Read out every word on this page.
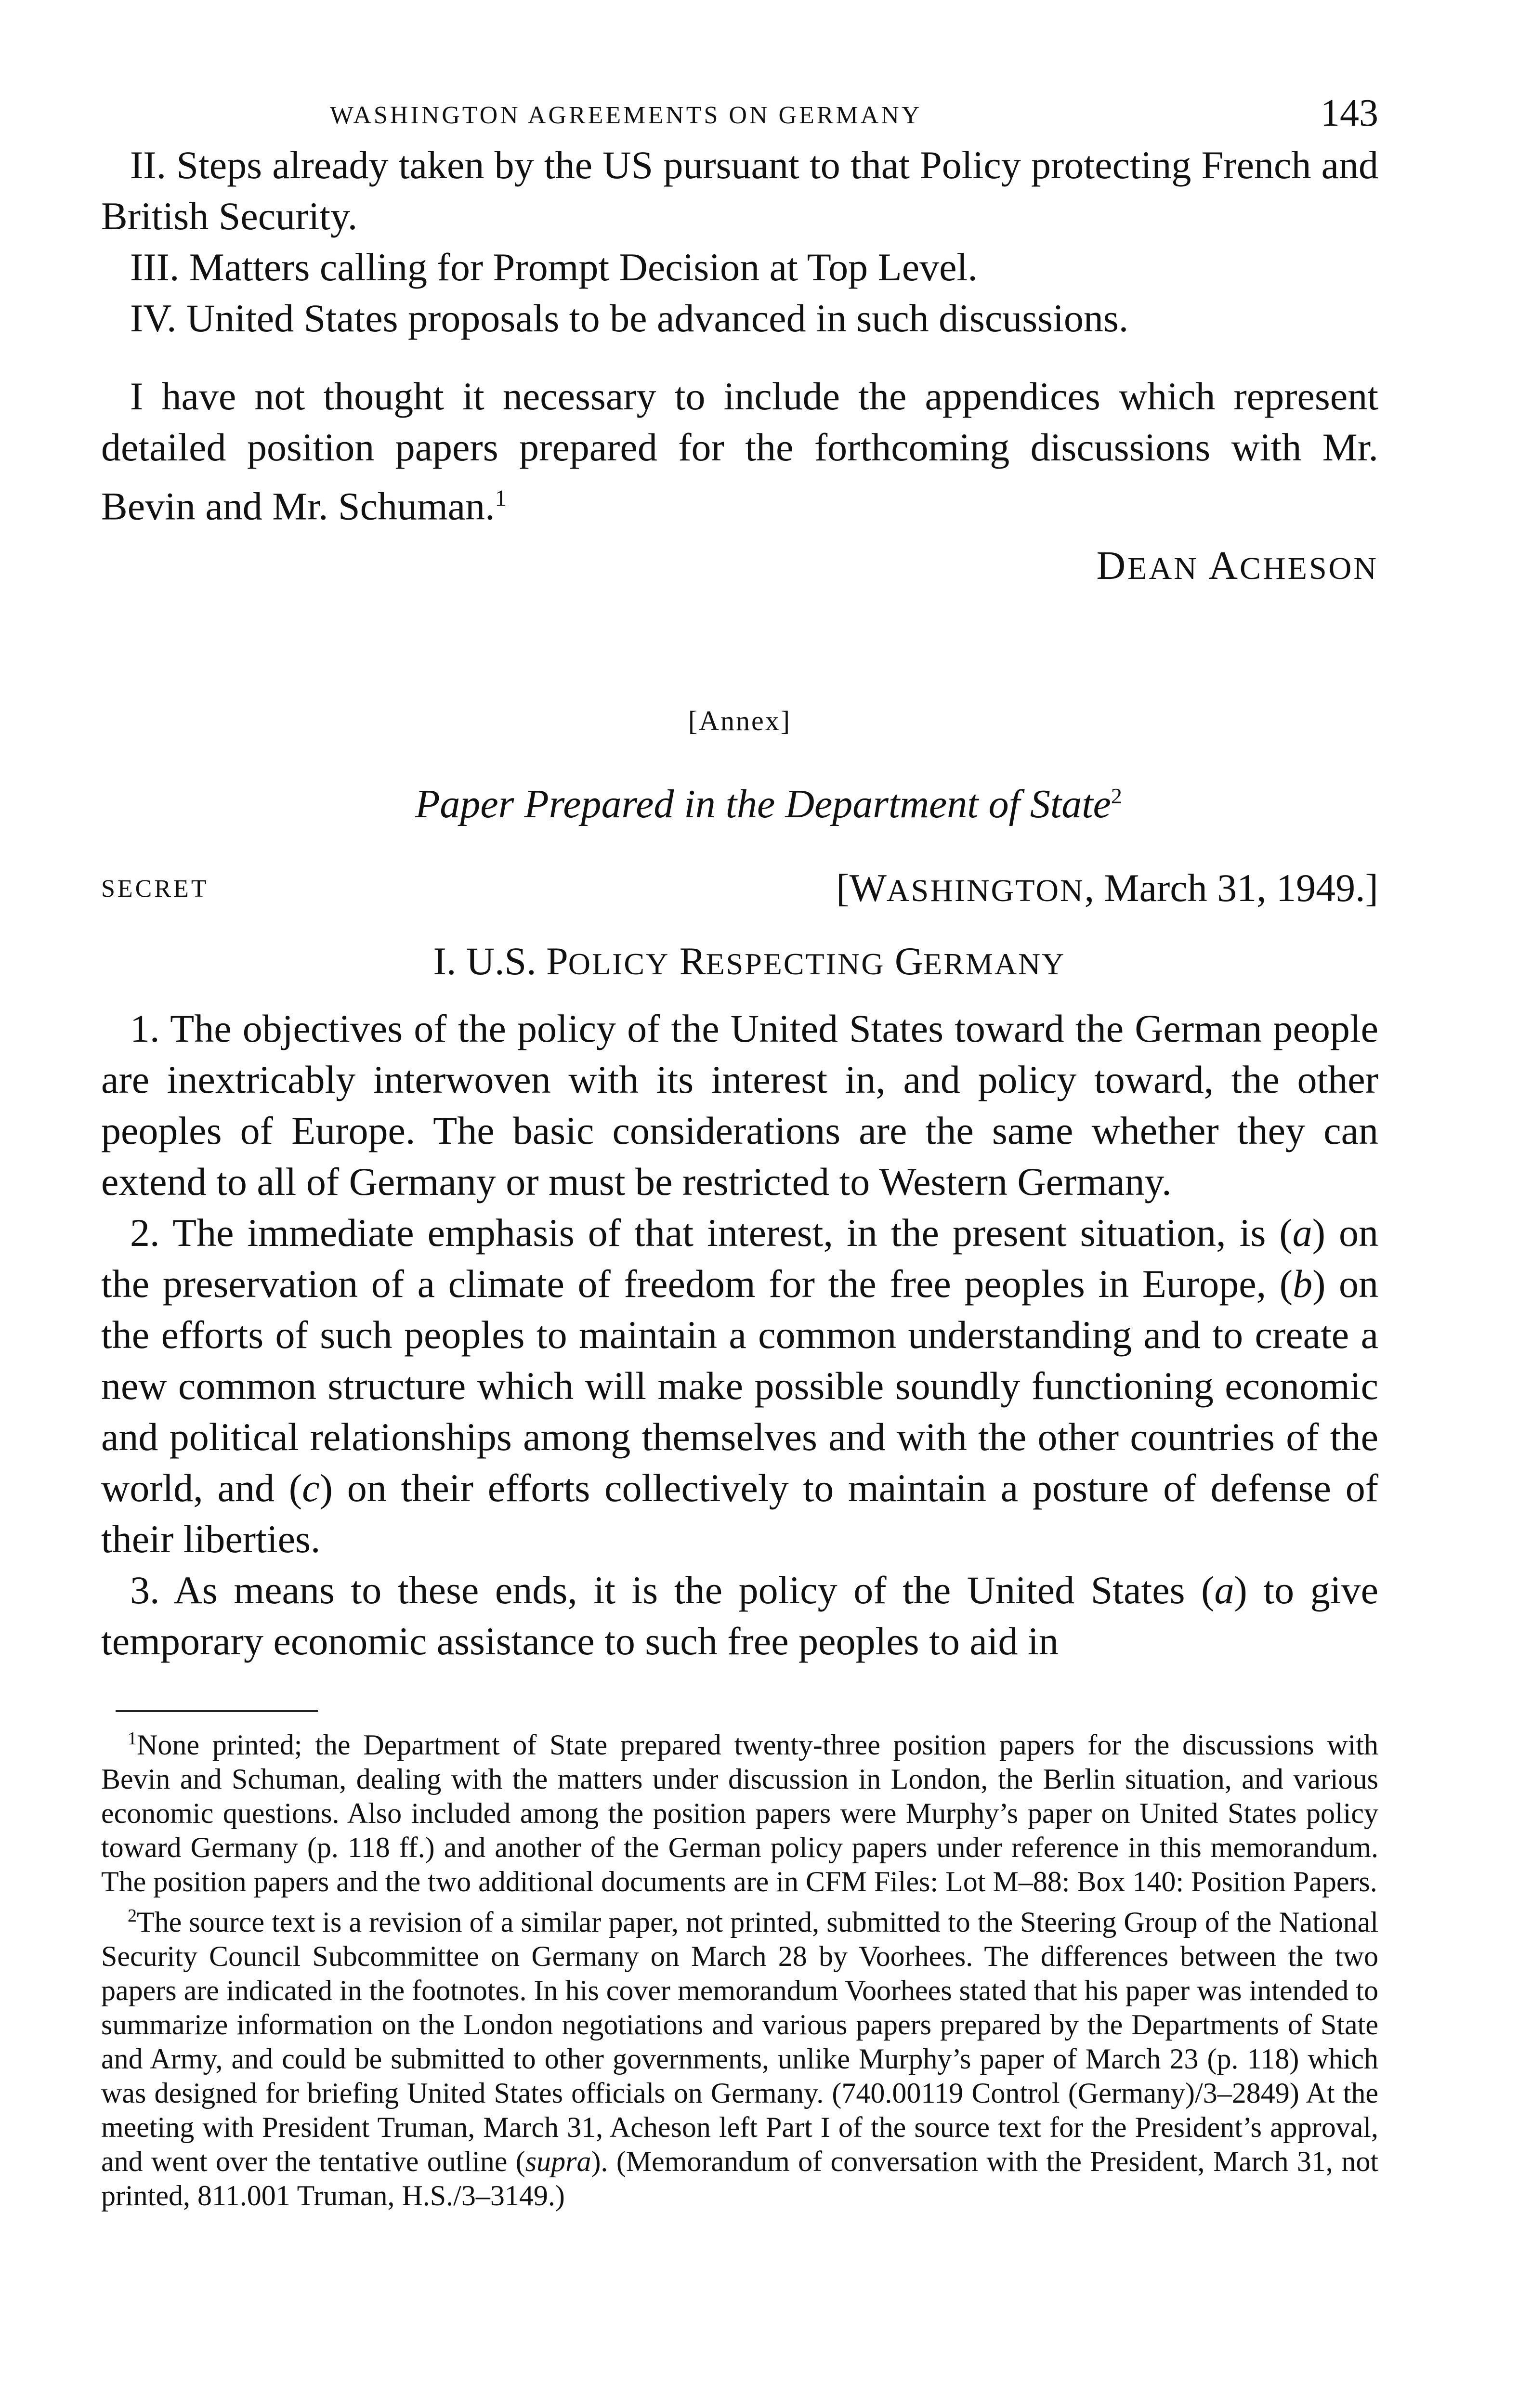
WASHINGTON AGREEMENTS ON GERMANY	143

II. Steps already taken by the US pursuant to that Policy protecting French and British Security.

III. Matters calling for Prompt Decision at Top Level.

IV. United States proposals to be advanced in such discussions.

I have not thought it necessary to include the appendices which represent detailed position papers prepared for the forthcoming discussions with Mr. Bevin and Mr. Schuman.$^1$

DEAN ACHESON
[Annex]
Paper Prepared in the Department of State$^2$
SECRET	[WASHINGTON, March 31, 1949.]
I. U.S. POLICY RESPECTING GERMANY

1. The objectives of the policy of the United States toward the German people are inextricably interwoven with its interest in, and policy toward, the other peoples of Europe. The basic considerations are the same whether they can extend to all of Germany or must be restricted to Western Germany.

2. The immediate emphasis of that interest, in the present situation, is (a) on the preservation of a climate of freedom for the free peoples in Europe, (b) on the efforts of such peoples to maintain a common understanding and to create a new common structure which will make possible soundly functioning economic and political relationships among themselves and with the other countries of the world, and (c) on their efforts collectively to maintain a posture of defense of their liberties.

3. As means to these ends, it is the policy of the United States (a) to give temporary economic assistance to such free peoples to aid in

$^1$None printed; the Department of State prepared twenty-three position papers for the discussions with Bevin and Schuman, dealing with the matters under discussion in London, the Berlin situation, and various economic questions. Also included among the position papers were Murphy’s paper on United States policy toward Germany (p. 118 ff.) and another of the German policy papers under reference in this memorandum. The position papers and the two additional documents are in CFM Files: Lot M–88: Box 140: Position Papers.

$^2$The source text is a revision of a similar paper, not printed, submitted to the Steering Group of the National Security Council Subcommittee on Germany on March 28 by Voorhees. The differences between the two papers are indicated in the footnotes. In his cover memorandum Voorhees stated that his paper was intended to summarize information on the London negotiations and various papers prepared by the Departments of State and Army, and could be submitted to other governments, unlike Murphy’s paper of March 23 (p. 118) which was designed for briefing United States officials on Germany. (740.00119 Control (Germany)/3–2849) At the meeting with President Truman, March 31, Acheson left Part I of the source text for the President’s approval, and went over the tentative outline (supra). (Memorandum of conversation with the President, March 31, not printed, 811.001 Truman, H.S./3–3149.)
